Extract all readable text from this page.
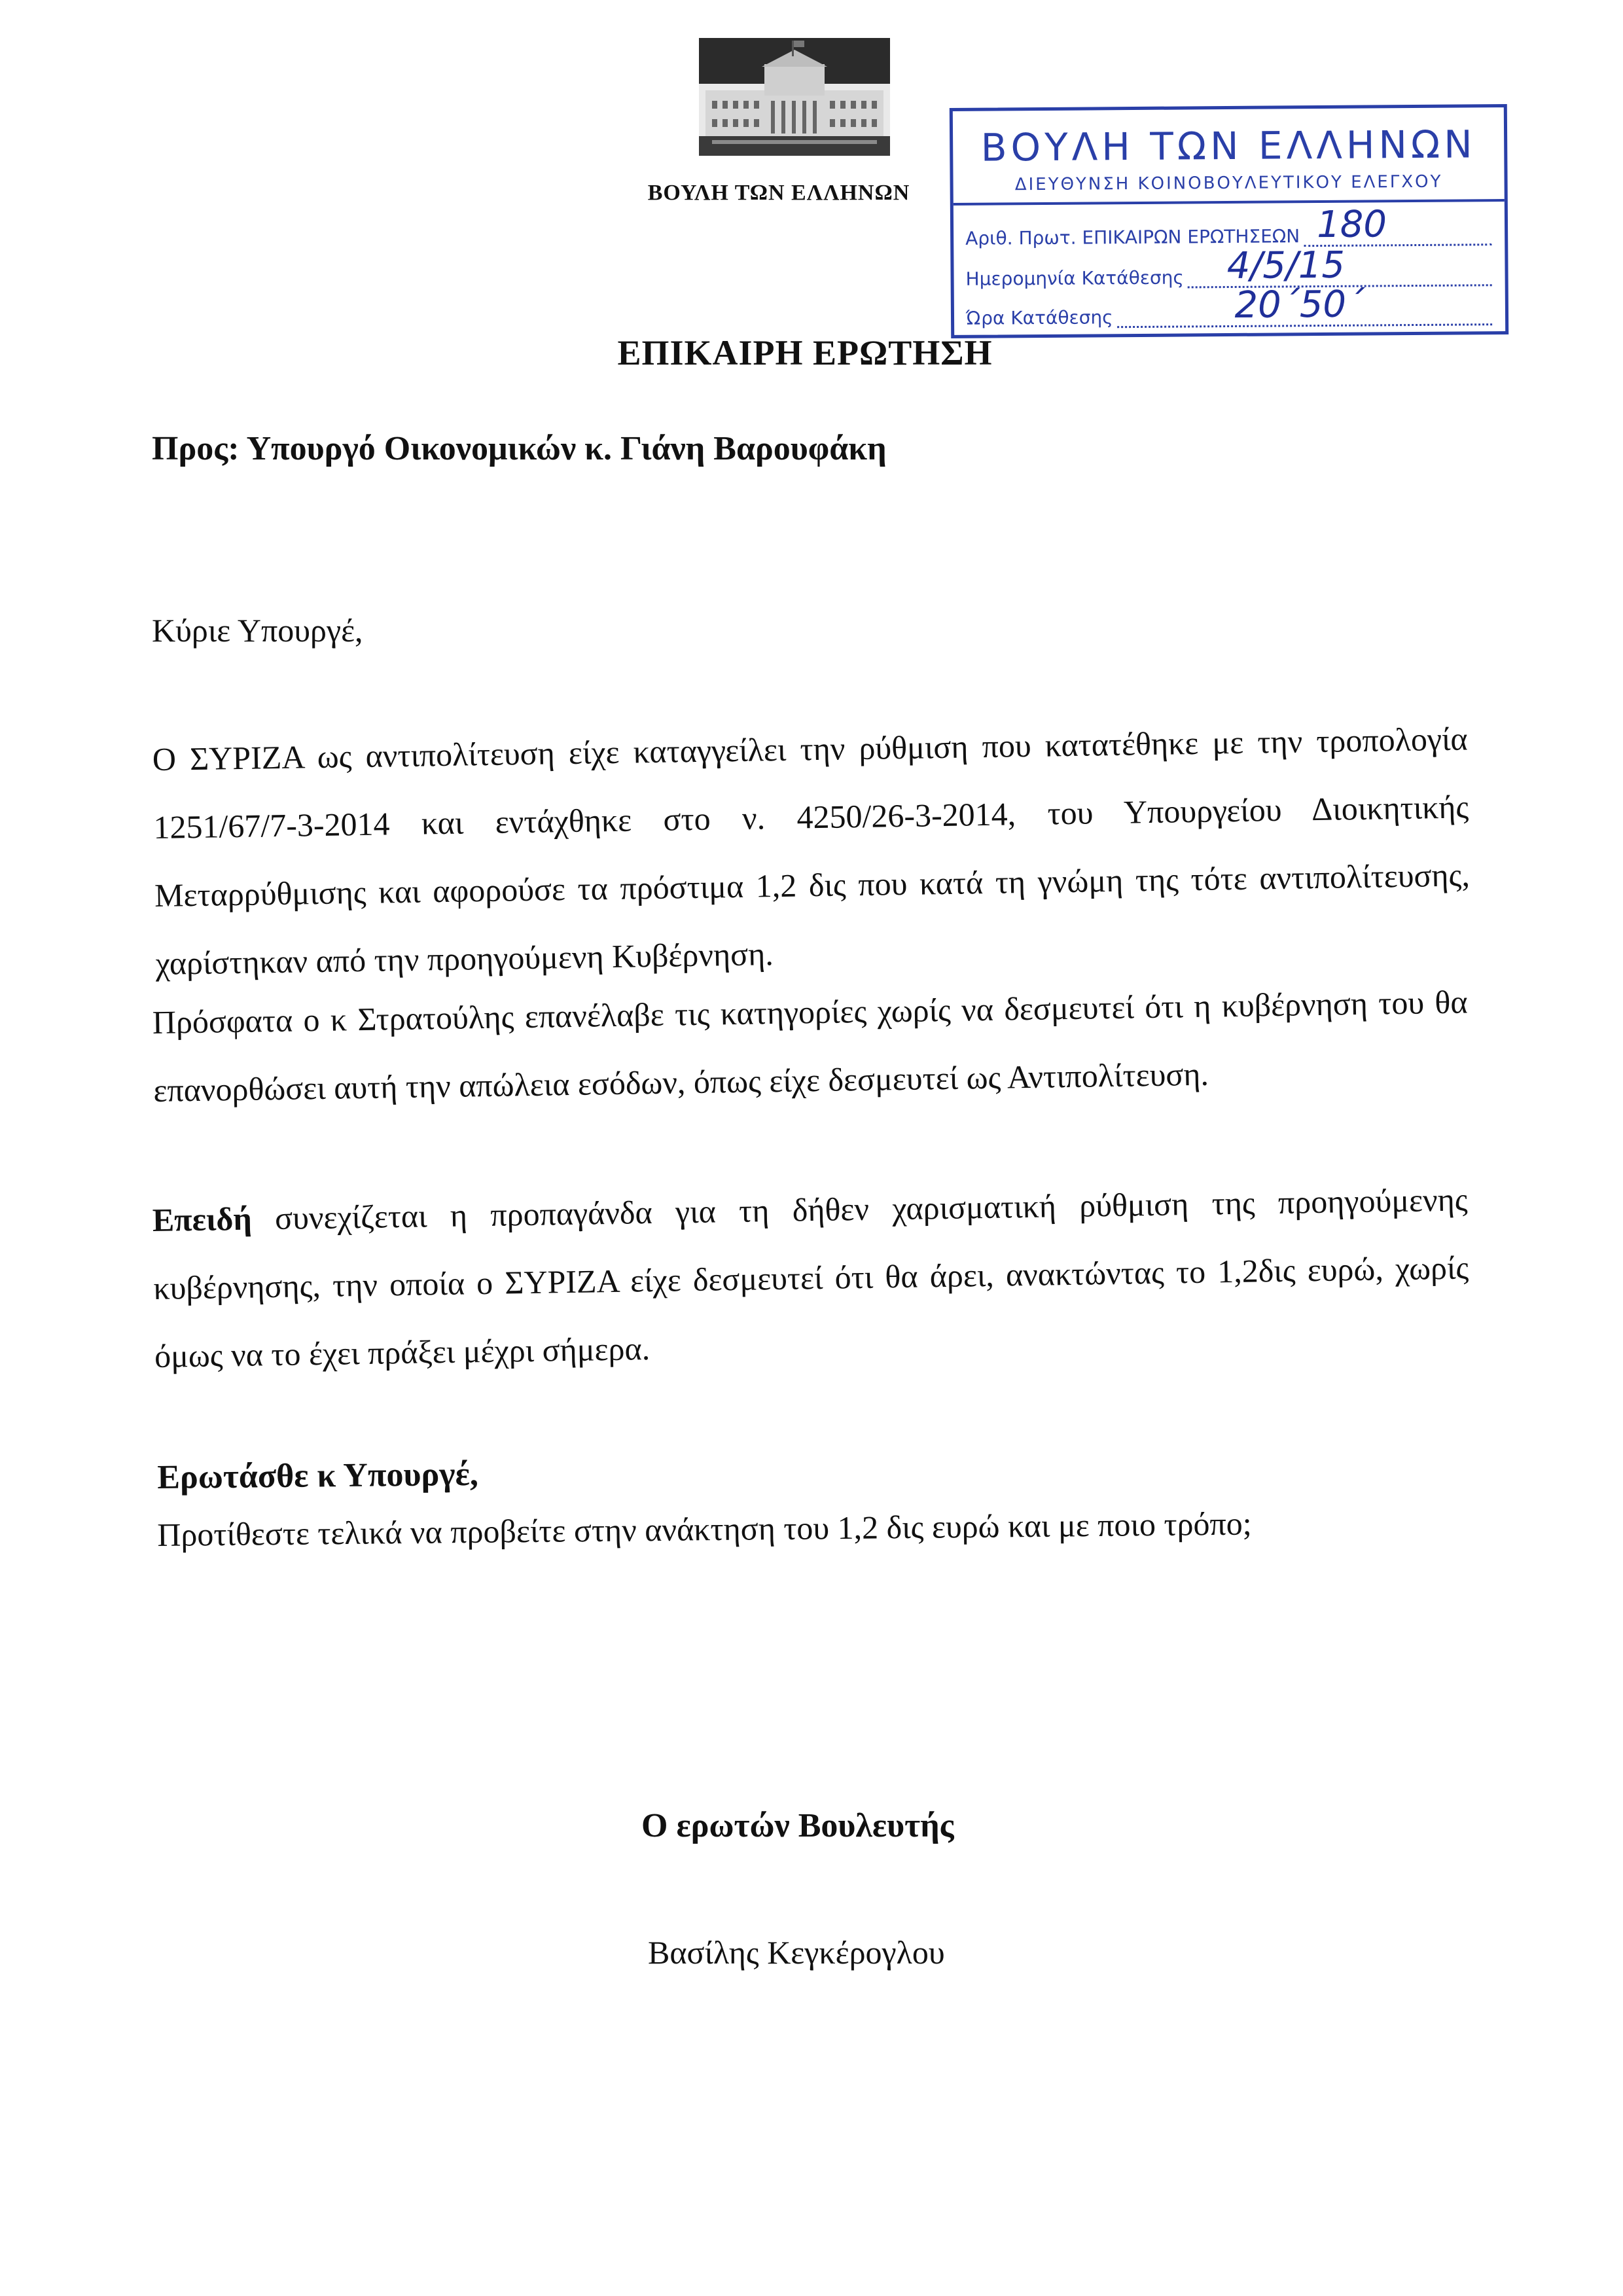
ΒΟΥΛΗ ΤΩΝ ΕΛΛΗΝΩΝ
ΒΟΥΛΗ ΤΩΝ ΕΛΛΗΝΩΝ
ΔΙΕΥΘΥΝΣΗ ΚΟΙΝΟΒΟΥΛΕΥΤΙΚΟΥ ΕΛΕΓΧΟΥ
Αριθ. Πρωτ. ΕΠΙΚΑΙΡΩΝ ΕΡΩΤΗΣΕΩΝ 180
Ημερομηνία Κατάθεσης 4/5/15
Ώρα Κατάθεσης	20΄50΄
ΕΠΙΚΑΙΡΗ ΕΡΩΤΗΣΗ
Προς: Υπουργό Οικονομικών κ. Γιάνη Βαρουφάκη
Κύριε Υπουργέ,
Ο ΣΥΡΙΖΑ ως αντιπολίτευση είχε καταγγείλει την ρύθμιση που κατατέθηκε με την τροπολογία 1251/67/7-3-2014 και εντάχθηκε στο ν. 4250/26-3-2014, του Υπουργείου Διοικητικής Μεταρρύθμισης και αφορούσε τα πρόστιμα 1,2 δις που κατά τη γνώμη της τότε αντιπολίτευσης, χαρίστηκαν από την προηγούμενη Κυβέρνηση.
Πρόσφατα ο κ Στρατούλης επανέλαβε τις κατηγορίες χωρίς να δεσμευτεί ότι η κυβέρνηση του θα επανορθώσει αυτή την απώλεια εσόδων, όπως είχε δεσμευτεί ως Αντιπολίτευση.
Επειδή συνεχίζεται η προπαγάνδα για τη δήθεν χαρισματική ρύθμιση της προηγούμενης κυβέρνησης, την οποία ο ΣΥΡΙΖΑ είχε δεσμευτεί ότι θα άρει, ανακτώντας το 1,2δις ευρώ, χωρίς όμως να το έχει πράξει μέχρι σήμερα.
Ερωτάσθε κ Υπουργέ,
Προτίθεστε τελικά να προβείτε στην ανάκτηση του 1,2 δις ευρώ και με ποιο τρόπο;
Ο ερωτών Βουλευτής
Βασίλης Κεγκέρογλου
